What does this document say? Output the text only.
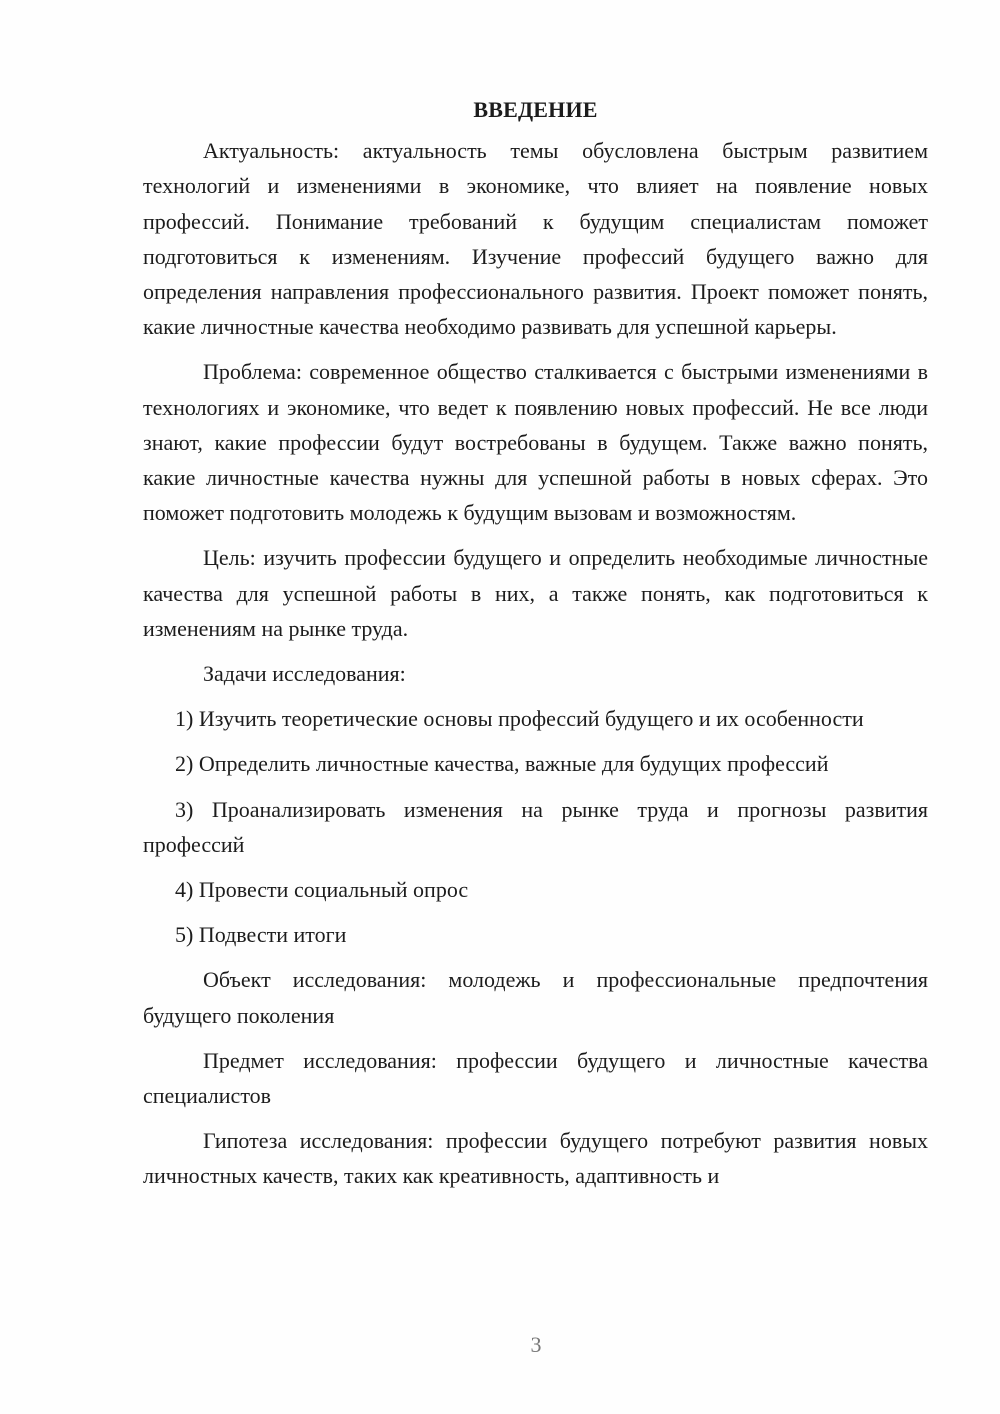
ВВЕДЕНИЕ

Актуальность: актуальность темы обусловлена быстрым развитием технологий и изменениями в экономике, что влияет на появление новых профессий. Понимание требований к будущим специалистам поможет подготовиться к изменениям. Изучение профессий будущего важно для определения направления профессионального развития. Проект поможет понять, какие личностные качества необходимо развивать для успешной карьеры.

Проблема: современное общество сталкивается с быстрыми изменениями в технологиях и экономике, что ведет к появлению новых профессий. Не все люди знают, какие профессии будут востребованы в будущем. Также важно понять, какие личностные качества нужны для успешной работы в новых сферах. Это поможет подготовить молодежь к будущим вызовам и возможностям.

Цель: изучить профессии будущего и определить необходимые личностные качества для успешной работы в них, а также понять, как подготовиться к изменениям на рынке труда.

Задачи исследования:

1) Изучить теоретические основы профессий будущего и их особенности

2) Определить личностные качества, важные для будущих профессий

3) Проанализировать изменения на рынке труда и прогнозы развития профессий

4) Провести социальный опрос

5) Подвести итоги

Объект исследования: молодежь и профессиональные предпочтения будущего поколения

Предмет исследования: профессии будущего и личностные качества специалистов

Гипотеза исследования: профессии будущего потребуют развития новых личностных качеств, таких как креативность, адаптивность и

3
